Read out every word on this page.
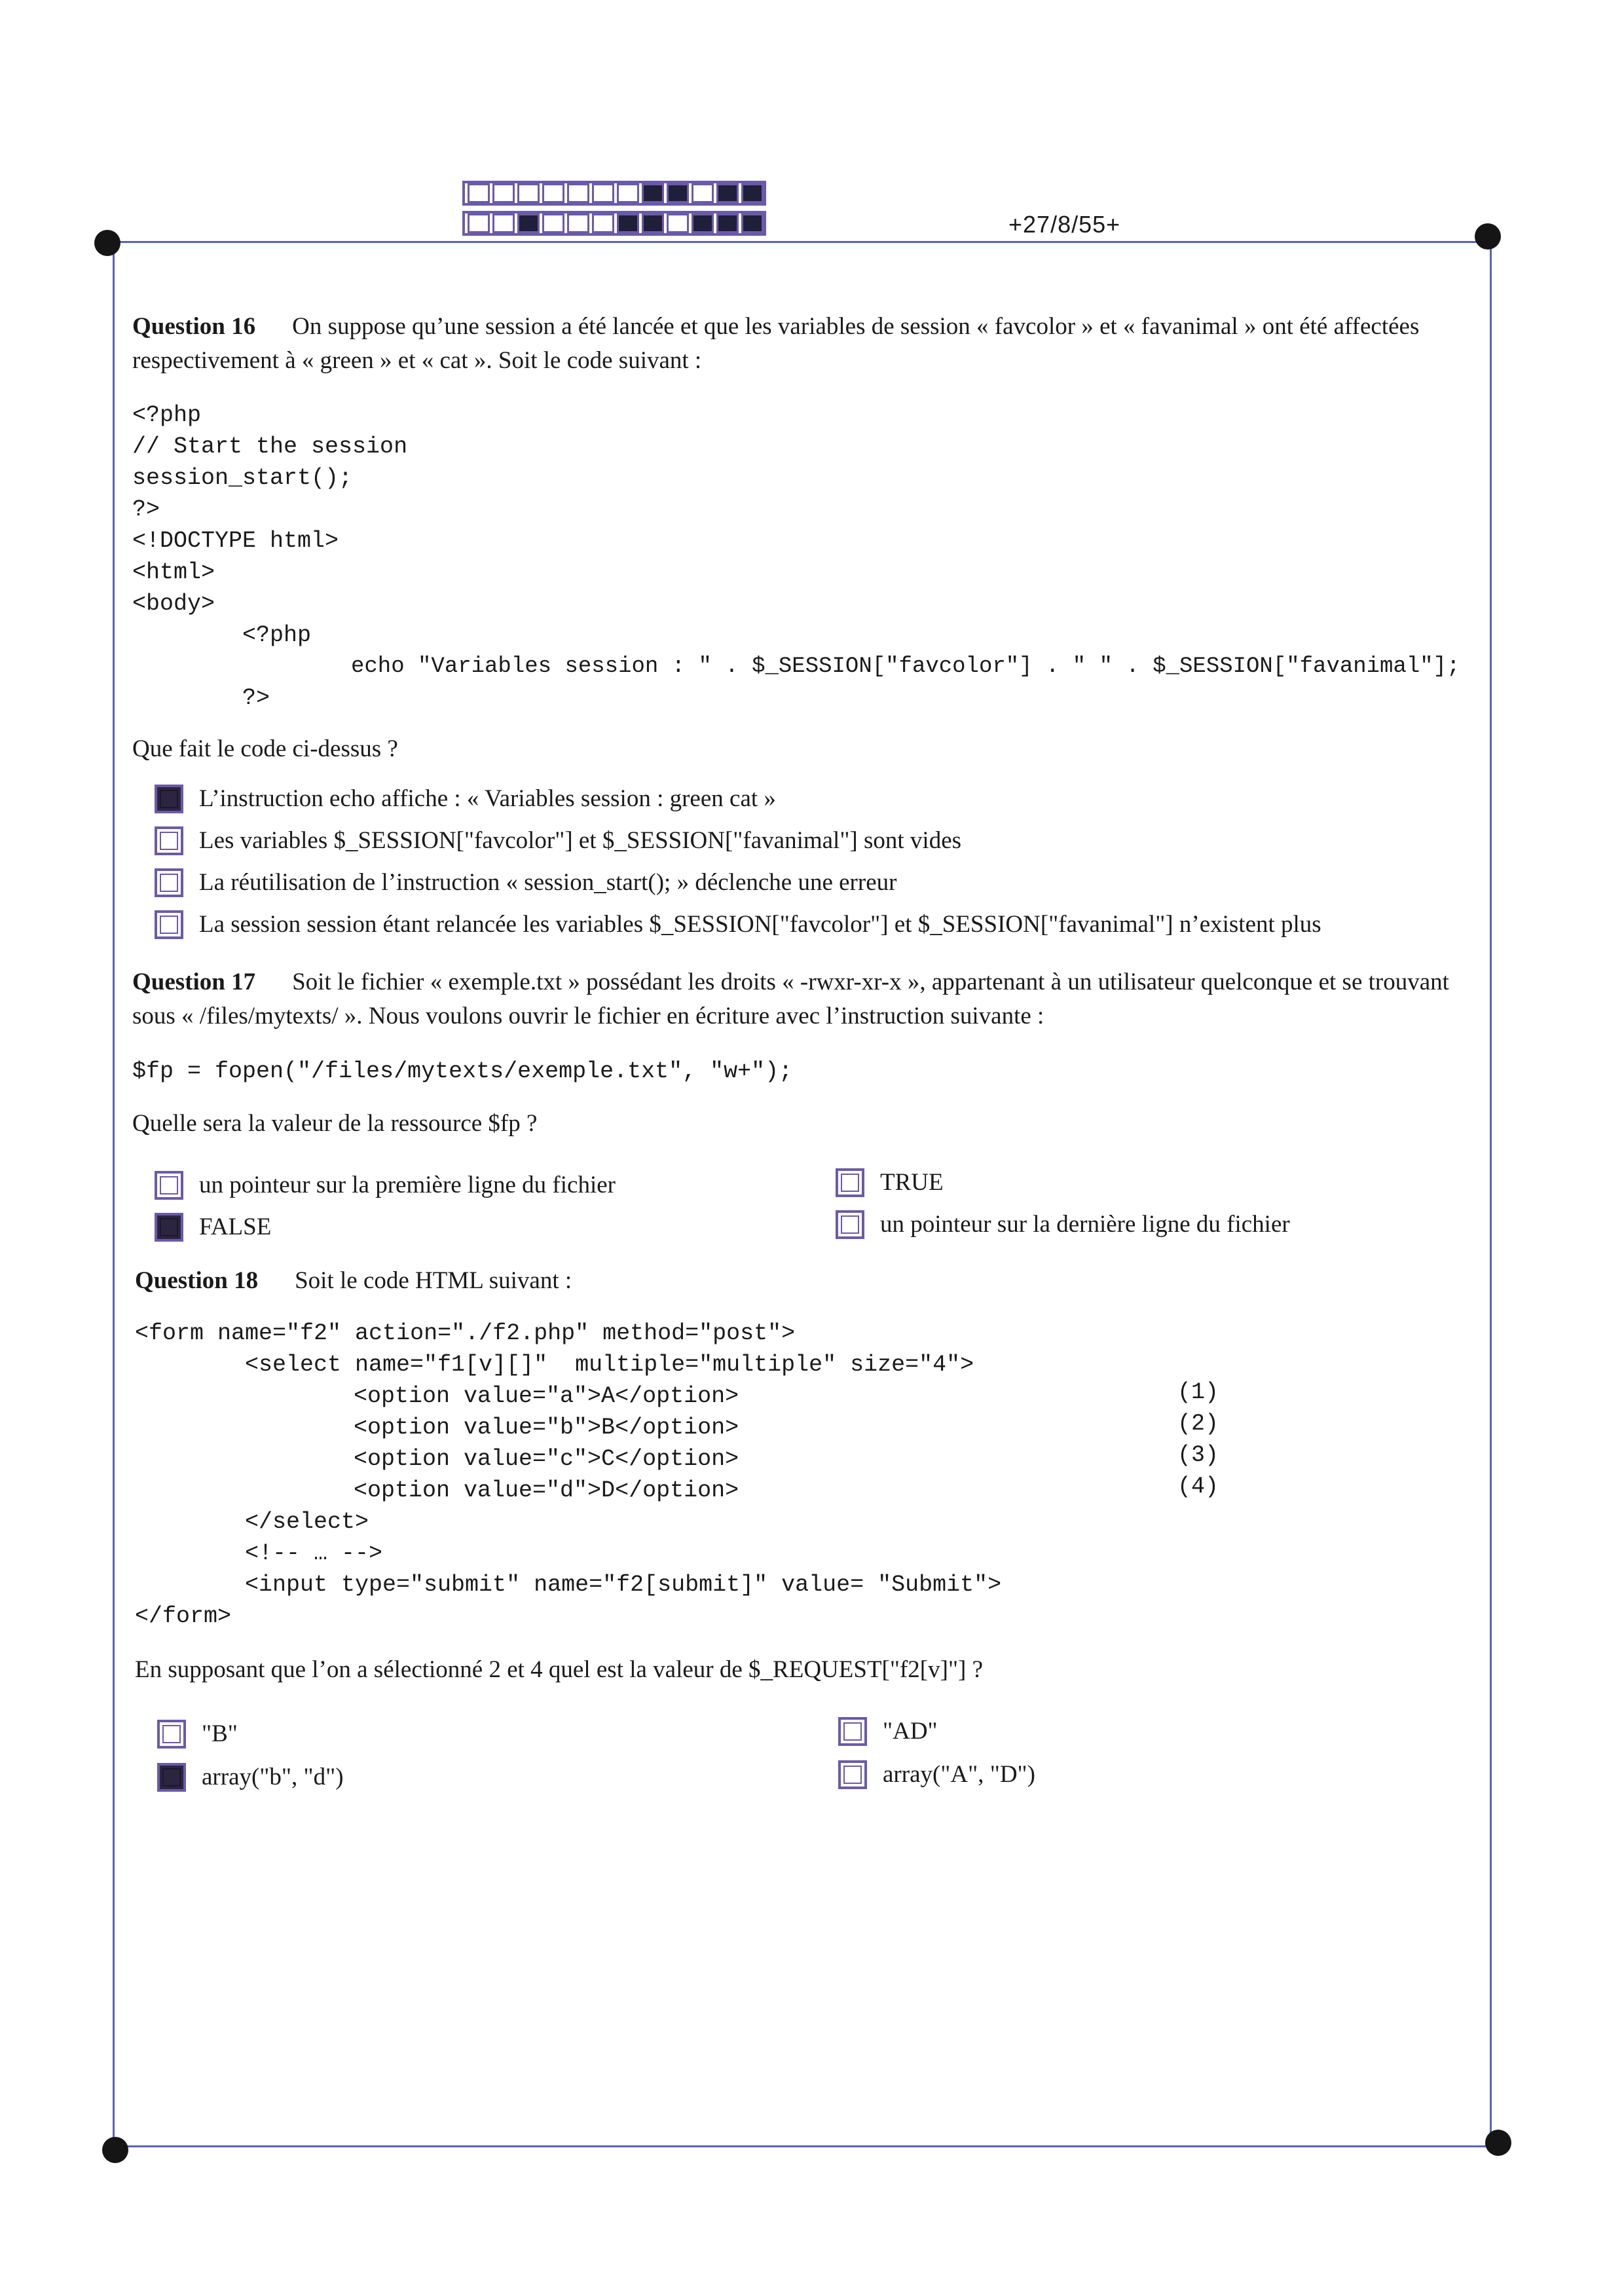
+27/8/55+
Question 16 On suppose qu’une session a été lancée et que les variables de session « favcolor » et « favanimal » ont été affectées respectivement à « green » et « cat ». Soit le code suivant :
<?php
// Start the session
session_start();
?>
<!DOCTYPE html>
<html>
<body>
<?php
echo "Variables session : " . $_SESSION["favcolor"] . " " . $_SESSION["favanimal"];
?>
Que fait le code ci-dessus ?
L’instruction echo affiche : « Variables session : green cat »
Les variables $_SESSION["favcolor"] et $_SESSION["favanimal"] sont vides
La réutilisation de l’instruction « session_start(); » déclenche une erreur
La session session étant relancée les variables $_SESSION["favcolor"] et $_SESSION["favanimal"] n’existent plus
Question 17 Soit le fichier « exemple.txt » possédant les droits « -rwxr-xr-x », appartenant à un utilisateur quelconque et se trouvant sous « /files/mytexts/ ». Nous voulons ouvrir le fichier en écriture avec l’instruction suivante :
$fp = fopen("/files/mytexts/exemple.txt", "w+");
Quelle sera la valeur de la ressource $fp ?
un pointeur sur la première ligne du fichier	TRUE
FALSE	un pointeur sur la dernière ligne du fichier
Question 18 Soit le code HTML suivant :
<form name="f2" action="./f2.php" method="post">
<select name="f1[v][]"  multiple="multiple" size="4">
<option value="a">A</option>
<option value="b">B</option>
<option value="c">C</option>
<option value="d">D</option>
</select>
<!-- … -->
<input type="submit" name="f2[submit]" value= "Submit">
</form>
(1)
(2)
(3)
(4)
En supposant que l’on a sélectionné 2 et 4 quel est la valeur de $_REQUEST["f2[v]"] ?
"B"	"AD"
array("b", "d")	array("A", "D")
